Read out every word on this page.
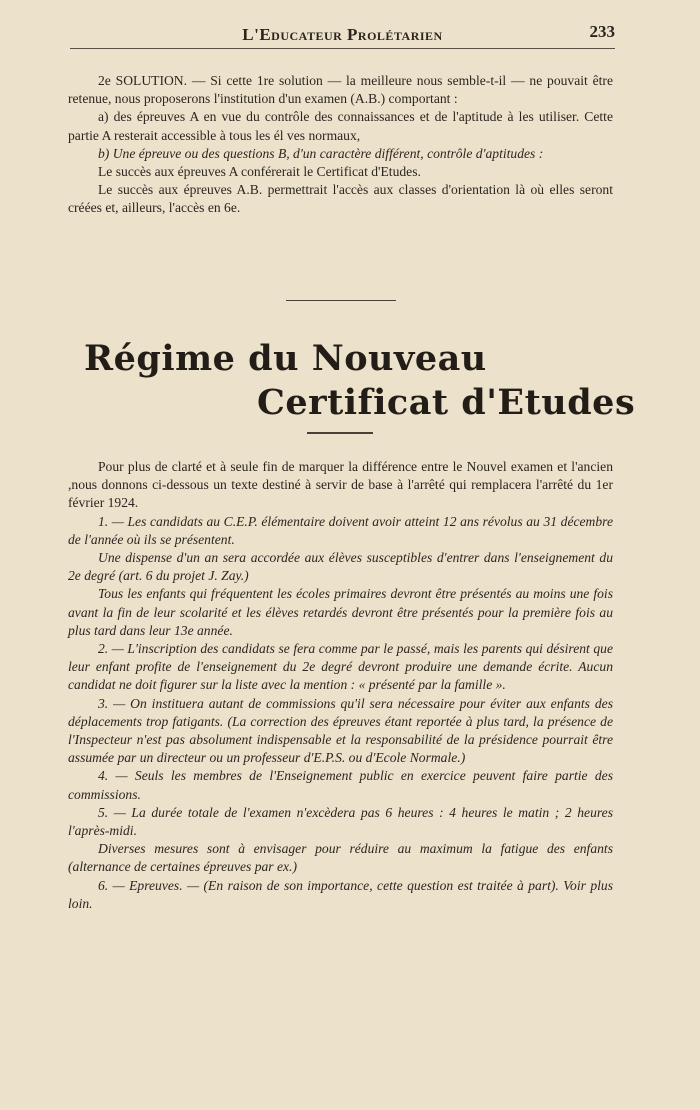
L'Educateur Prolétarien	233

2e SOLUTION. — Si cette 1re solution — la meilleure nous semble-t-il — ne pouvait être retenue, nous proposerons l'institution d'un examen (A.B.) comportant :

a) des épreuves A en vue du contrôle des connaissances et de l'aptitude à les utiliser. Cette partie A resterait accessible à tous les él ves normaux,

b) Une épreuve ou des questions B, d'un caractère différent, contrôle d'aptitudes :

Le succès aux épreuves A conférerait le Certificat d'Etudes.

Le succès aux épreuves A.B. permettrait l'accès aux classes d'orientation là où elles seront créées et, ailleurs, l'accès en 6e.

Régime du Nouveau
Certificat d'Etudes

Pour plus de clarté et à seule fin de marquer la différence entre le Nouvel examen et l'ancien ,nous donnons ci-dessous un texte destiné à servir de base à l'arrêté qui remplacera l'arrêté du 1er février 1924.

1. — Les candidats au C.E.P. élémentaire doivent avoir atteint 12 ans révolus au 31 décembre de l'année où ils se présentent.

Une dispense d'un an sera accordée aux élèves susceptibles d'entrer dans l'enseignement du 2e degré (art. 6 du projet J. Zay.)

Tous les enfants qui fréquentent les écoles primaires devront être présentés au moins une fois avant la fin de leur scolarité et les élèves retardés devront être présentés pour la première fois au plus tard dans leur 13e année.

2. — L'inscription des candidats se fera comme par le passé, mais les parents qui désirent que leur enfant profite de l'enseignement du 2e degré devront produire une demande écrite. Aucun candidat ne doit figurer sur la liste avec la mention : « présenté par la famille ».

3. — On instituera autant de commissions qu'il sera nécessaire pour éviter aux enfants des déplacements trop fatigants. (La correction des épreuves étant reportée à plus tard, la présence de l'Inspecteur n'est pas absolument indispensable et la responsabilité de la présidence pourrait être assumée par un directeur ou un professeur d'E.P.S. ou d'Ecole Normale.)

4. — Seuls les membres de l'Enseignement public en exercice peuvent faire partie des commissions.

5. — La durée totale de l'examen n'excèdera pas 6 heures : 4 heures le matin ; 2 heures l'après-midi.

Diverses mesures sont à envisager pour réduire au maximum la fatigue des enfants (alternance de certaines épreuves par ex.)

6. — Epreuves. — (En raison de son importance, cette question est traitée à part). Voir plus loin.
